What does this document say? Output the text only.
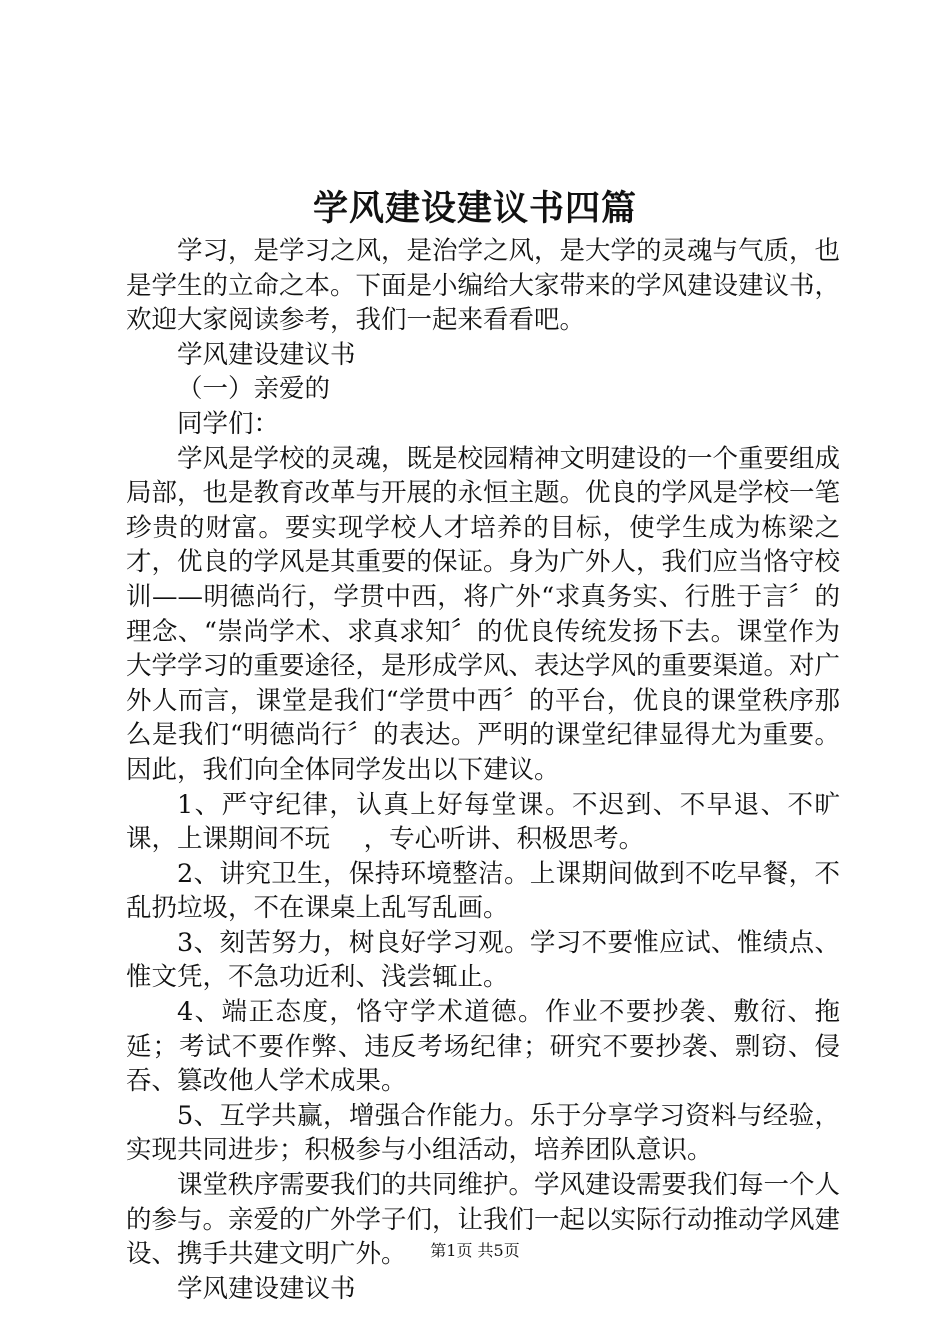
学风建设建议书四篇

学习，是学习之风，是治学之风，是大学的灵魂与气质，也是学生的立命之本。下面是小编给大家带来的学风建设建议书，欢迎大家阅读参考，我们一起来看看吧。

学风建设建议书

（一）亲爱的

同学们：

学风是学校的灵魂，既是校园精神文明建设的一个重要组成局部，也是教育改革与开展的永恒主题。优良的学风是学校一笔珍贵的财富。要实现学校人才培养的目标，使学生成为栋梁之才，优良的学风是其重要的保证。身为广外人，我们应当恪守校训——明德尚行，学贯中西，将广外“求真务实、行胜于言〞的理念、“崇尚学术、求真求知〞的优良传统发扬下去。课堂作为大学学习的重要途径，是形成学风、表达学风的重要渠道。对广外人而言，课堂是我们“学贯中西〞的平台，优良的课堂秩序那么是我们“明德尚行〞的表达。严明的课堂纪律显得尤为重要。因此，我们向全体同学发出以下建议。

1、严守纪律，认真上好每堂课。不迟到、不早退、不旷课，上课期间不玩　 ，专心听讲、积极思考。

2、讲究卫生，保持环境整洁。上课期间做到不吃早餐，不乱扔垃圾，不在课桌上乱写乱画。

3、刻苦努力，树良好学习观。学习不要惟应试、惟绩点、惟文凭，不急功近利、浅尝辄止。

4、端正态度，恪守学术道德。作业不要抄袭、敷衍、拖延；考试不要作弊、违反考场纪律；研究不要抄袭、剽窃、侵吞、篡改他人学术成果。

5、互学共赢，增强合作能力。乐于分享学习资料与经验，实现共同进步；积极参与小组活动，培养团队意识。

课堂秩序需要我们的共同维护。学风建设需要我们每一个人的参与。亲爱的广外学子们，让我们一起以实际行动推动学风建设、携手共建文明广外。

学风建设建议书

第1页 共5页
